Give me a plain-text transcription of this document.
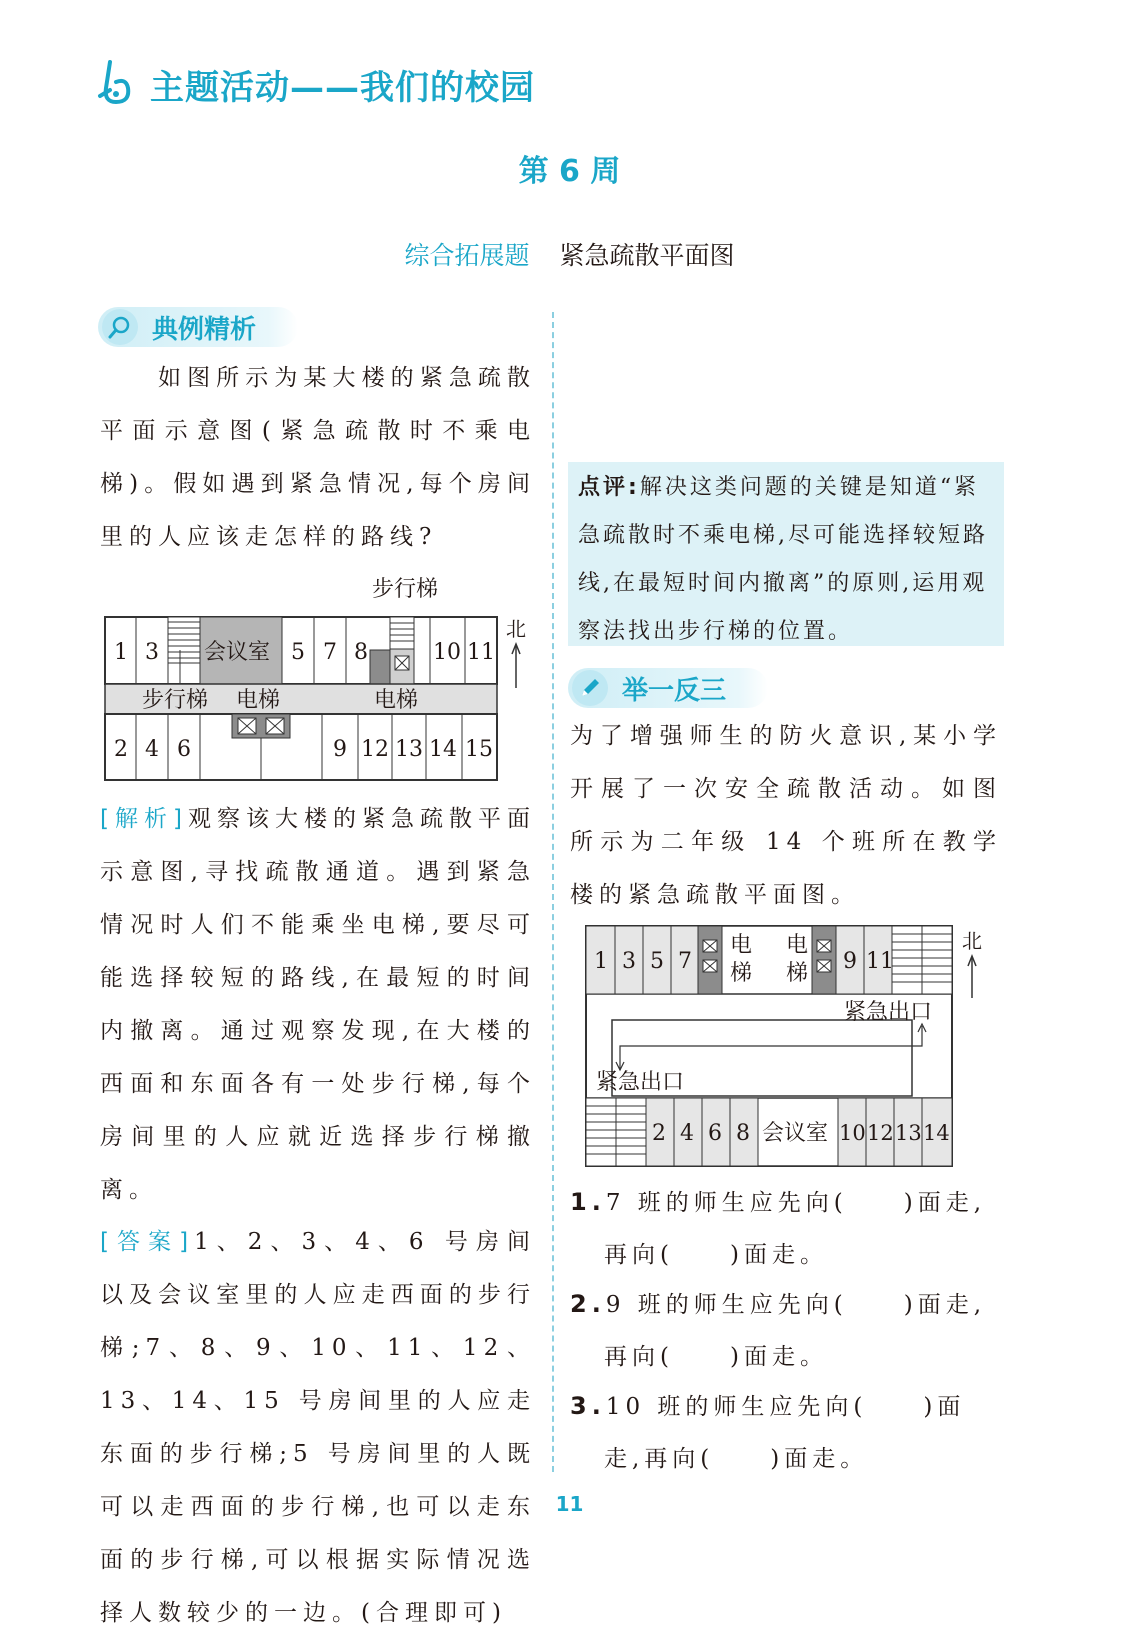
主题活动——我们的校园
第 6 周
综合拓展题 紧急疏散平面图
典例精析
如图所示为某大楼的紧急疏散平面示意图(紧急疏散时不乘电梯)。假如遇到紧急情况,每个房间里的人应该走怎样的路线?
步行梯
1 3 会议室 5 7 8	10 11
步行梯 电梯	电梯
2 4 6	9 12 13 14 15
北
[解析]观察该大楼的紧急疏散平面示意图,寻找疏散通道。遇到紧急情况时人们不能乘坐电梯,要尽可能选择较短的路线,在最短的时间内撤离。通过观察发现,在大楼的西面和东面各有一处步行梯,每个房间里的人应就近选择步行梯撤离。
[答案]1、2、3、4、6 号房间以及会议室里的人应走西面的步行梯;7、8、9、10、11、12、13、14、15 号房间里的人应走东面的步行梯;5 号房间里的人既可以走西面的步行梯,也可以走东面的步行梯,可以根据实际情况选择人数较少的一边。(合理即可)
点评:解决这类问题的关键是知道“紧急疏散时不乘电梯,尽可能选择较短路线,在最短时间内撤离”的原则,运用观察法找出步行梯的位置。
举一反三
为了增强师生的防火意识,某小学开展了一次安全疏散活动。如图所示为二年级 14 个班所在教学楼的紧急疏散平面图。
1 3 5 7
电
梯
电
梯 9 11
紧急出口
紧急出口
2 4 6 8 会议室 10 12 13 14
北
1.7 班的师生应先向(　　)面走,
再向(　　)面走。
2.9 班的师生应先向(　　)面走,
再向(　　)面走。
3.10 班的师生应先向(　　)面
走,再向(　　)面走。
11
